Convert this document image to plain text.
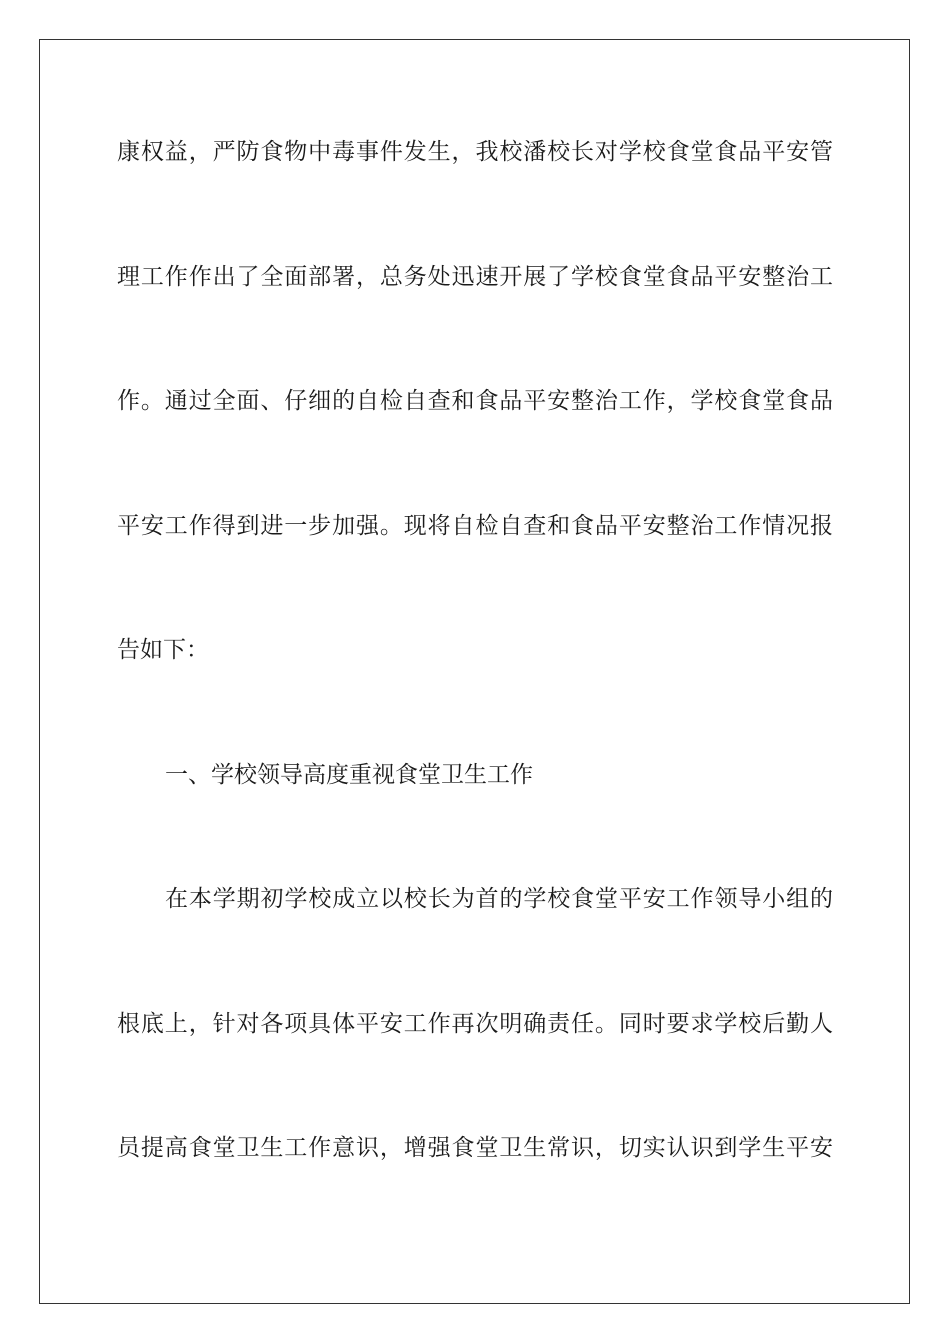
康权益，严防食物中毒事件发生，我校潘校长对学校食堂食品平安管
理工作作出了全面部署，总务处迅速开展了学校食堂食品平安整治工
作。通过全面、仔细的自检自查和食品平安整治工作，学校食堂食品
平安工作得到进一步加强。现将自检自查和食品平安整治工作情况报
告如下：
一、学校领导高度重视食堂卫生工作
在本学期初学校成立以校长为首的学校食堂平安工作领导小组的
根底上，针对各项具体平安工作再次明确责任。同时要求学校后勤人
员提高食堂卫生工作意识，增强食堂卫生常识，切实认识到学生平安
